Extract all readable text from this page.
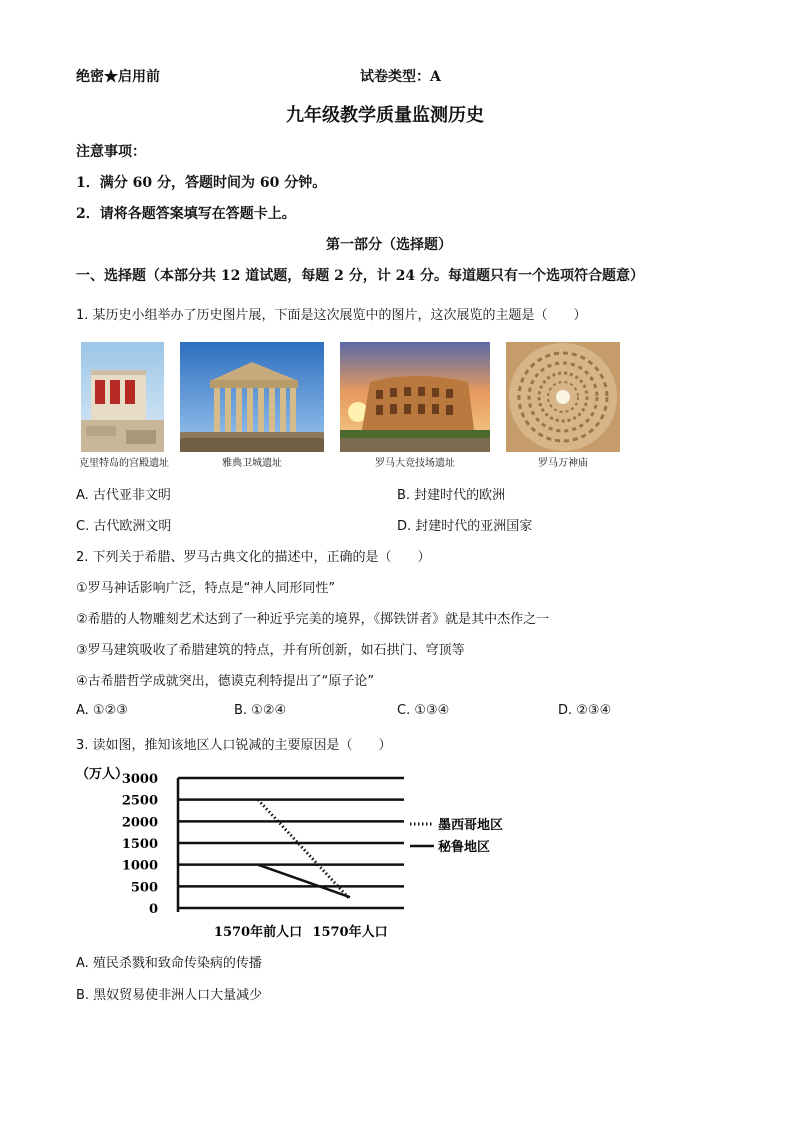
绝密★启用前	试卷类型：A
九年级教学质量监测历史
注意事项：
1．满分 60 分，答题时间为 60 分钟。
2．请将各题答案填写在答题卡上。
第一部分（选择题）
一、选择题（本部分共 12 道试题，每题 2 分，计 24 分。每道题只有一个选项符合题意）
1. 某历史小组举办了历史图片展，下面是这次展览中的图片，这次展览的主题是（　　）
克里特岛的宫殿遗址	雅典卫城遗址	罗马大竞技场遗址	罗马万神庙
A. 古代亚非文明	B. 封建时代的欧洲
C. 古代欧洲文明	D. 封建时代的亚洲国家
2. 下列关于希腊、罗马古典文化的描述中，正确的是（　　）
①罗马神话影响广泛，特点是“神人同形同性”
②希腊的人物雕刻艺术达到了一种近乎完美的境界，《掷铁饼者》就是其中杰作之一
③罗马建筑吸收了希腊建筑的特点，并有所创新，如石拱门、穹顶等
④古希腊哲学成就突出，德谟克利特提出了“原子论”
A. ①②③	B. ①②④	C. ①③④	D. ②③④
3. 读如图，推知该地区人口锐减的主要原因是（　　）
（万人）
0
500
1000
1500
2000
2500
3000
1570年前人口 1570年人口
墨西哥地区
秘鲁地区
A. 殖民杀戮和致命传染病的传播
B. 黑奴贸易使非洲人口大量减少
